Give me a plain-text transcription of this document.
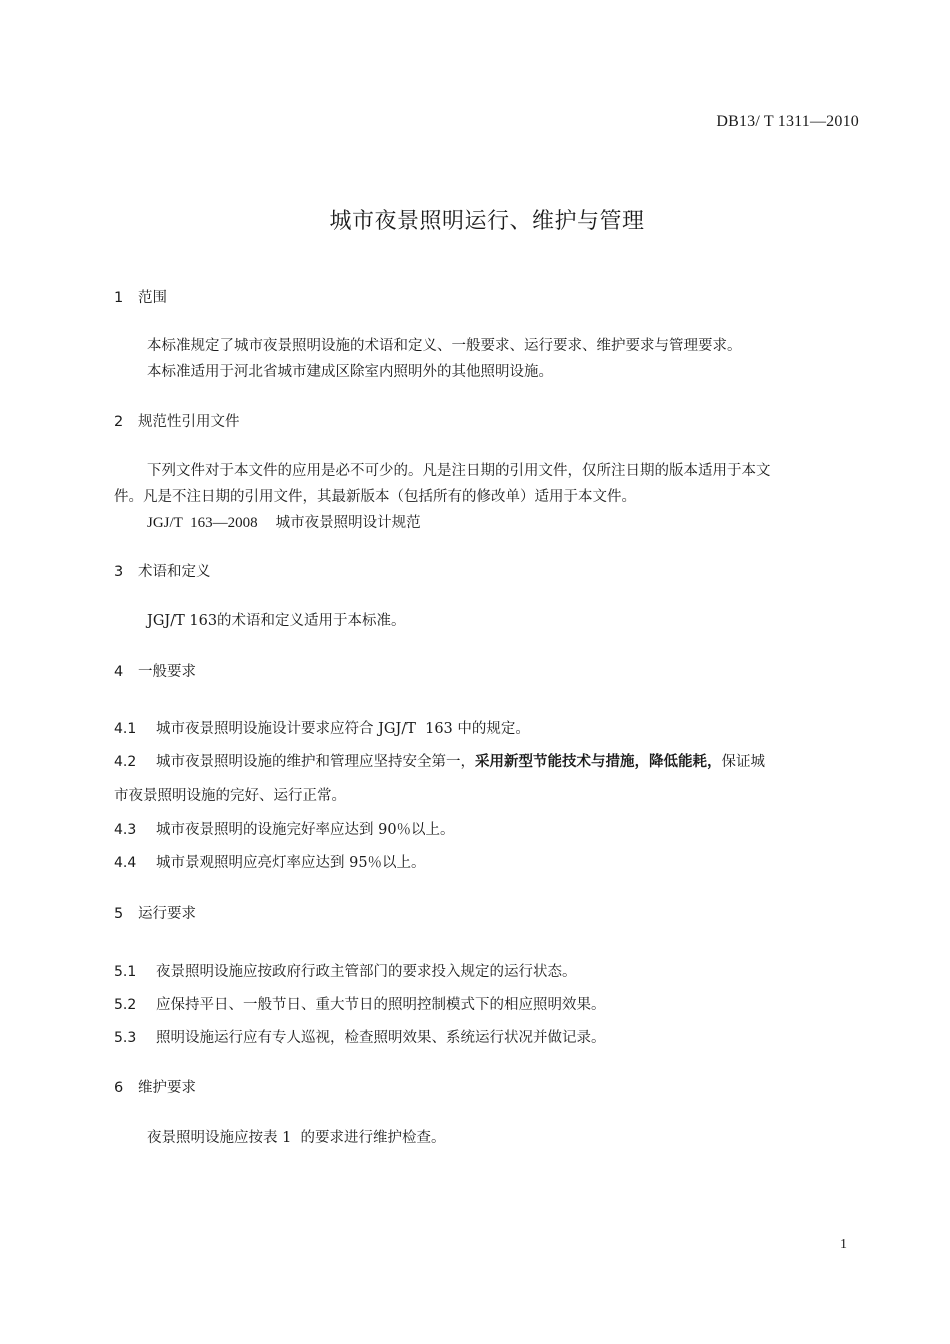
DB13/ T 1311—2010
城市夜景照明运行、维护与管理
1 范围
本标准规定了城市夜景照明设施的术语和定义、一般要求、运行要求、维护要求与管理要求。
本标准适用于河北省城市建成区除室内照明外的其他照明设施。
2 规范性引用文件
下列文件对于本文件的应用是必不可少的。凡是注日期的引用文件，仅所注日期的版本适用于本文
件。凡是不注日期的引用文件，其最新版本（包括所有的修改单）适用于本文件。
JGJ/T  163—2008 城市夜景照明设计规范
3 术语和定义
JGJ/T 163的术语和定义适用于本标准。
4 一般要求
4.1 城市夜景照明设施设计要求应符合 JGJ/T  163 中的规定。
4.2 城市夜景照明设施的维护和管理应坚持安全第一，采用新型节能技术与措施，降低能耗，保证城
市夜景照明设施的完好、运行正常。
4.3 城市夜景照明的设施完好率应达到 90％以上。
4.4 城市景观照明应亮灯率应达到 95％以上。
5 运行要求
5.1 夜景照明设施应按政府行政主管部门的要求投入规定的运行状态。
5.2 应保持平日、一般节日、重大节日的照明控制模式下的相应照明效果。
5.3 照明设施运行应有专人巡视，检查照明效果、系统运行状况并做记录。
6 维护要求
夜景照明设施应按表 1  的要求进行维护检查。
1
